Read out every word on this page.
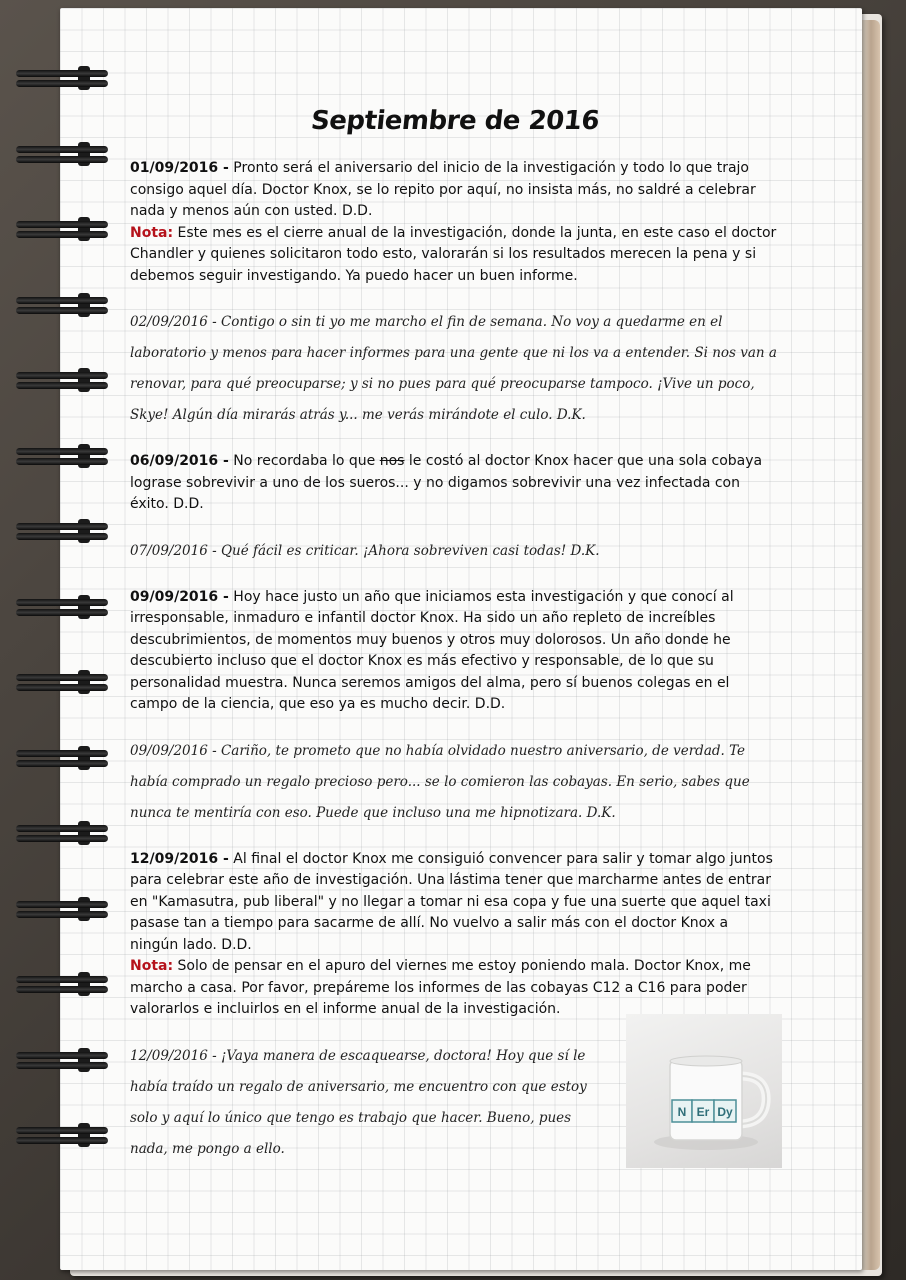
Septiembre de 2016

01/09/2016 - Pronto será el aniversario del inicio de la investigación y todo lo que trajo consigo aquel día. Doctor Knox, se lo repito por aquí, no insista más, no saldré a celebrar nada y menos aún con usted. D.D.

Nota: Este mes es el cierre anual de la investigación, donde la junta, en este caso el doctor Chandler y quienes solicitaron todo esto, valorarán si los resultados merecen la pena y si debemos seguir investigando. Ya puedo hacer un buen informe.

02/09/2016 - Contigo o sin ti yo me marcho el fin de semana. No voy a quedarme en el laboratorio y menos para hacer informes para una gente que ni los va a entender. Si nos van a renovar, para qué preocuparse; y si no pues para qué preocuparse tampoco. ¡Vive un poco, Skye! Algún día mirarás atrás y... me verás mirándote el culo. D.K.

06/09/2016 - No recordaba lo que nos le costó al doctor Knox hacer que una sola cobaya lograse sobrevivir a uno de los sueros... y no digamos sobrevivir una vez infectada con éxito. D.D.

07/09/2016 - Qué fácil es criticar. ¡Ahora sobreviven casi todas! D.K.

09/09/2016 - Hoy hace justo un año que iniciamos esta investigación y que conocí al irresponsable, inmaduro e infantil doctor Knox. Ha sido un año repleto de increíbles descubrimientos, de momentos muy buenos y otros muy dolorosos. Un año donde he descubierto incluso que el doctor Knox es más efectivo y responsable, de lo que su personalidad muestra. Nunca seremos amigos del alma, pero sí buenos colegas en el campo de la ciencia, que eso ya es mucho decir. D.D.

09/09/2016 - Cariño, te prometo que no había olvidado nuestro aniversario, de verdad. Te había comprado un regalo precioso pero... se lo comieron las cobayas. En serio, sabes que nunca te mentiría con eso. Puede que incluso una me hipnotizara. D.K.

12/09/2016 - Al final el doctor Knox me consiguió convencer para salir y tomar algo juntos para celebrar este año de investigación. Una lástima tener que marcharme antes de entrar en "Kamasutra, pub liberal" y no llegar a tomar ni esa copa y fue una suerte que aquel taxi pasase tan a tiempo para sacarme de allí. No vuelvo a salir más con el doctor Knox a ningún lado. D.D.

Nota: Solo de pensar en el apuro del viernes me estoy poniendo mala. Doctor Knox, me marcho a casa. Por favor, prepáreme los informes de las cobayas C12 a C16 para poder valorarlos e incluirlos en el informe anual de la investigación.

12/09/2016 - ¡Vaya manera de escaquearse, doctora! Hoy que sí le había traído un regalo de aniversario, me encuentro con que estoy solo y aquí lo único que tengo es trabajo que hacer. Bueno, pues nada, me pongo a ello.

N Er Dy
